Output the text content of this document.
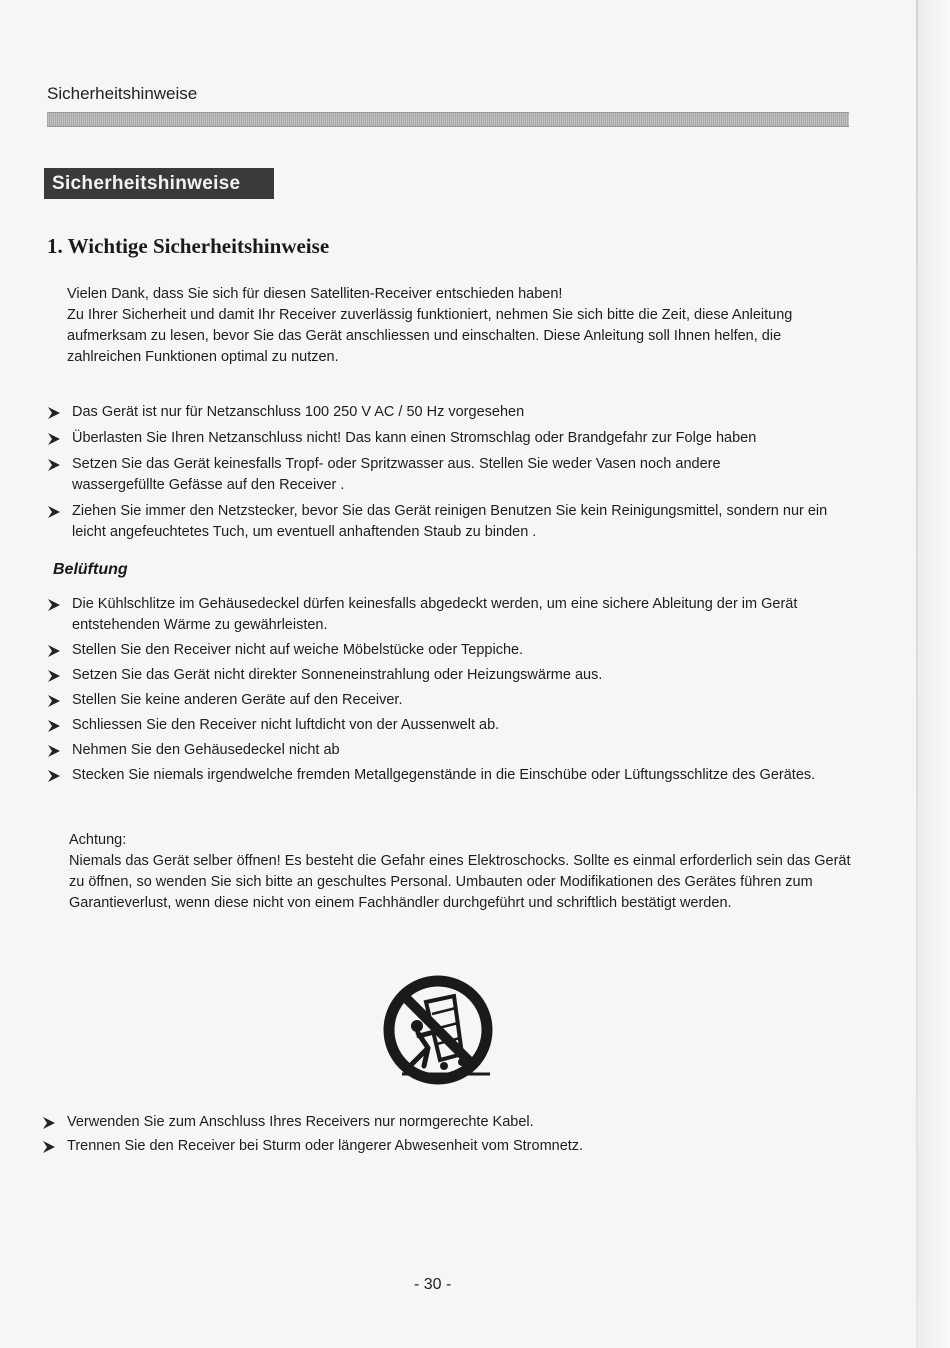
Sicherheitshinweise
Sicherheitshinweise
1. Wichtige Sicherheitshinweise

Vielen Dank, dass Sie sich für diesen Satelliten-Receiver entschieden haben!

Zu Ihrer Sicherheit und damit Ihr Receiver zuverlässig funktioniert, nehmen Sie sich bitte die Zeit, diese Anleitung aufmerksam zu lesen, bevor Sie das Gerät anschliessen und einschalten. Diese Anleitung soll Ihnen helfen, die zahlreichen Funktionen optimal zu nutzen.

Das Gerät ist nur für Netzanschluss 100 250 V AC / 50 Hz vorgesehen
Überlasten Sie Ihren Netzanschluss nicht! Das kann einen Stromschlag oder Brandgefahr zur Folge haben
Setzen Sie das Gerät keinesfalls Tropf- oder Spritzwasser aus. Stellen Sie weder Vasen noch andere wassergefüllte Gefässe auf den Receiver .
Ziehen Sie immer den Netzstecker, bevor Sie das Gerät reinigen Benutzen Sie kein Reinigungsmittel, sondern nur ein leicht angefeuchtetes Tuch, um eventuell anhaftenden Staub zu binden .
Belüftung
Die Kühlschlitze im Gehäusedeckel dürfen keinesfalls abgedeckt werden, um eine sichere Ableitung der im Gerät entstehenden Wärme zu gewährleisten.
Stellen Sie den Receiver nicht auf weiche Möbelstücke oder Teppiche.
Setzen Sie das Gerät nicht direkter Sonneneinstrahlung oder Heizungswärme aus.
Stellen Sie keine anderen Geräte auf den Receiver.
Schliessen Sie den Receiver nicht luftdicht von der Aussenwelt ab.
Nehmen Sie den Gehäusedeckel nicht ab
Stecken Sie niemals irgendwelche fremden Metallgegenstände in die Einschübe oder Lüftungsschlitze des Gerätes.

Achtung:

Niemals das Gerät selber öffnen! Es besteht die Gefahr eines Elektroschocks. Sollte es einmal erforderlich sein das Gerät zu öffnen, so wenden Sie sich bitte an geschultes Personal. Umbauten oder Modifikationen des Gerätes führen zum Garantieverlust, wenn diese nicht von einem Fachhändler durchgeführt und schriftlich bestätigt werden.

Verwenden Sie zum Anschluss Ihres Receivers nur normgerechte Kabel.
Trennen Sie den Receiver bei Sturm oder längerer Abwesenheit vom Stromnetz.
- 30 -
